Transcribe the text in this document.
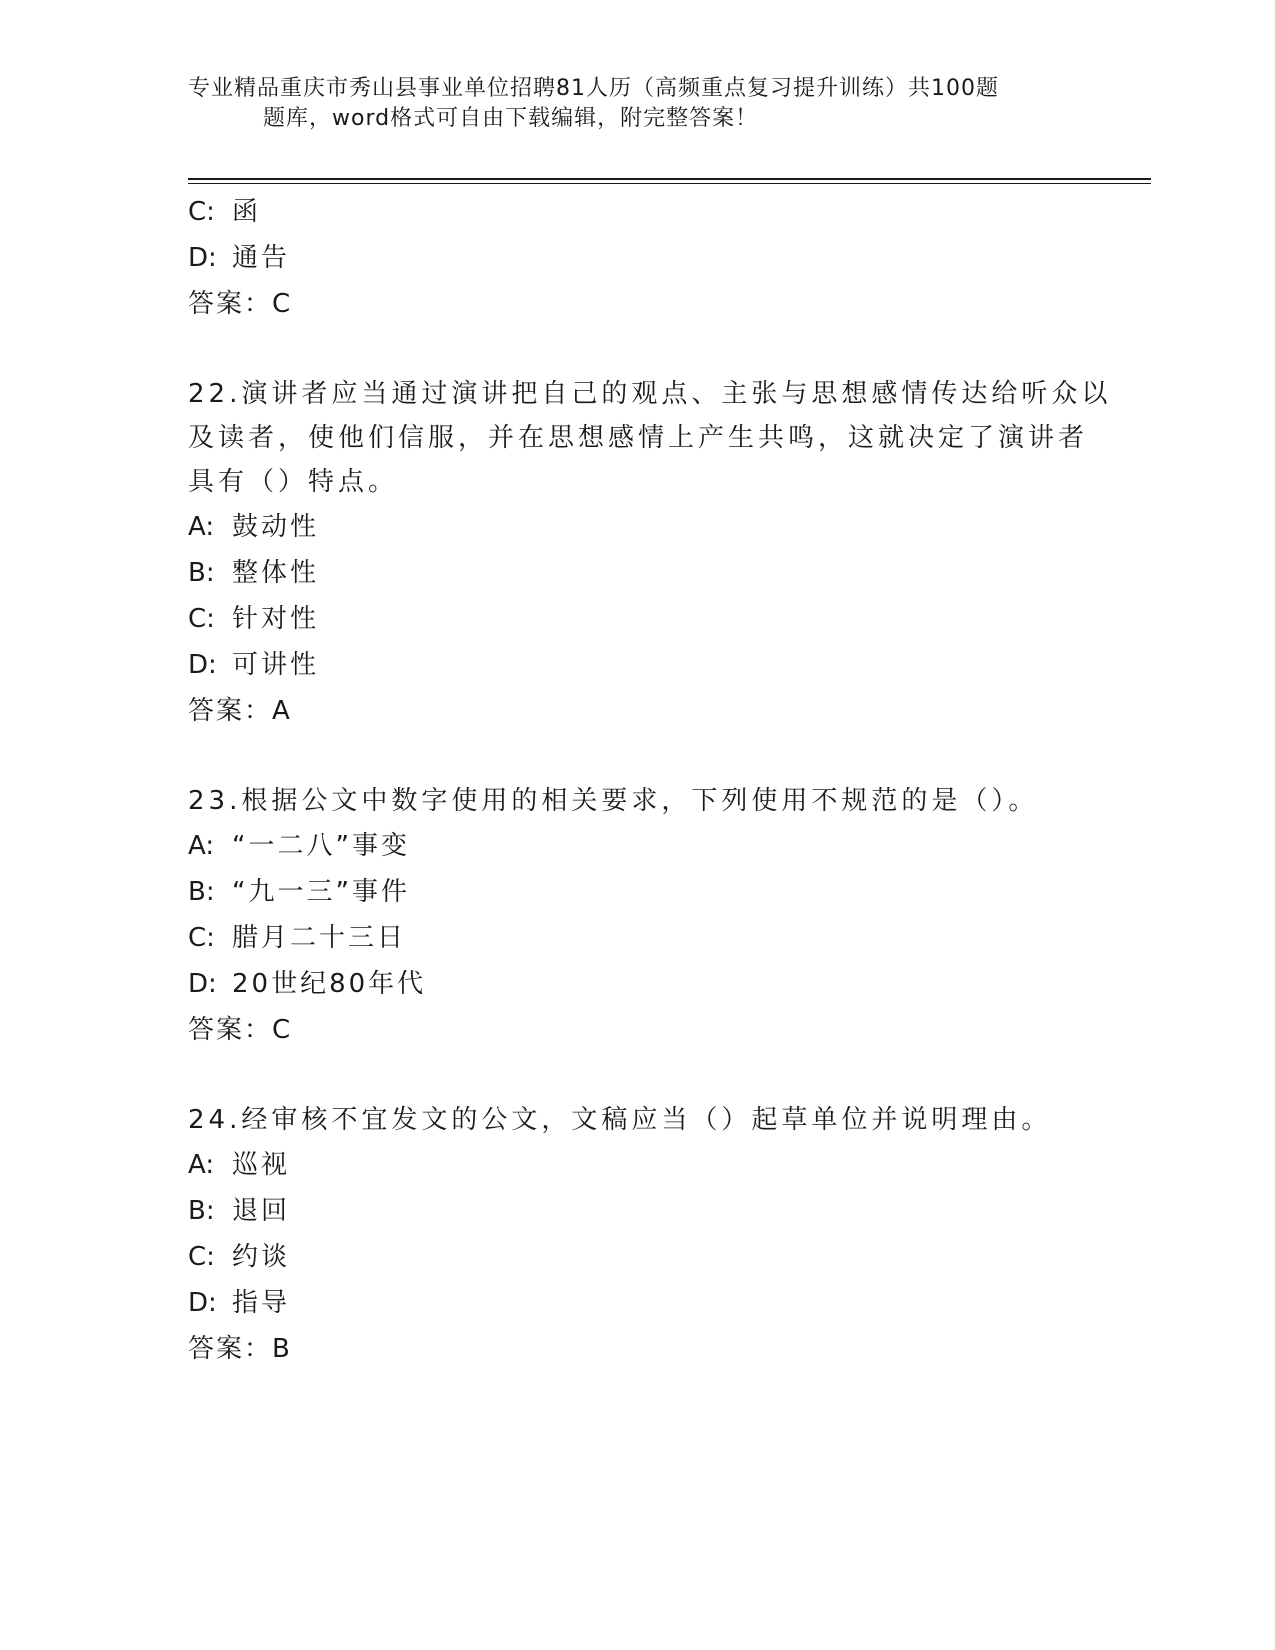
专业精品重庆市秀山县事业单位招聘81人历（高频重点复习提升训练）共100题
题库，word格式可自由下载编辑，附完整答案！
C: 函
D: 通告
答案：C
22.演讲者应当通过演讲把自己的观点、主张与思想感情传达给听众以
及读者，使他们信服，并在思想感情上产生共鸣，这就决定了演讲者
具有（）特点。
A: 鼓动性
B: 整体性
C: 针对性
D: 可讲性
答案：A
23.根据公文中数字使用的相关要求，下列使用不规范的是（）。
A: “一二八”事变
B: “九一三”事件
C: 腊月二十三日
D: 20世纪80年代
答案：C
24.经审核不宜发文的公文，文稿应当（）起草单位并说明理由。
A: 巡视
B: 退回
C: 约谈
D: 指导
答案：B
